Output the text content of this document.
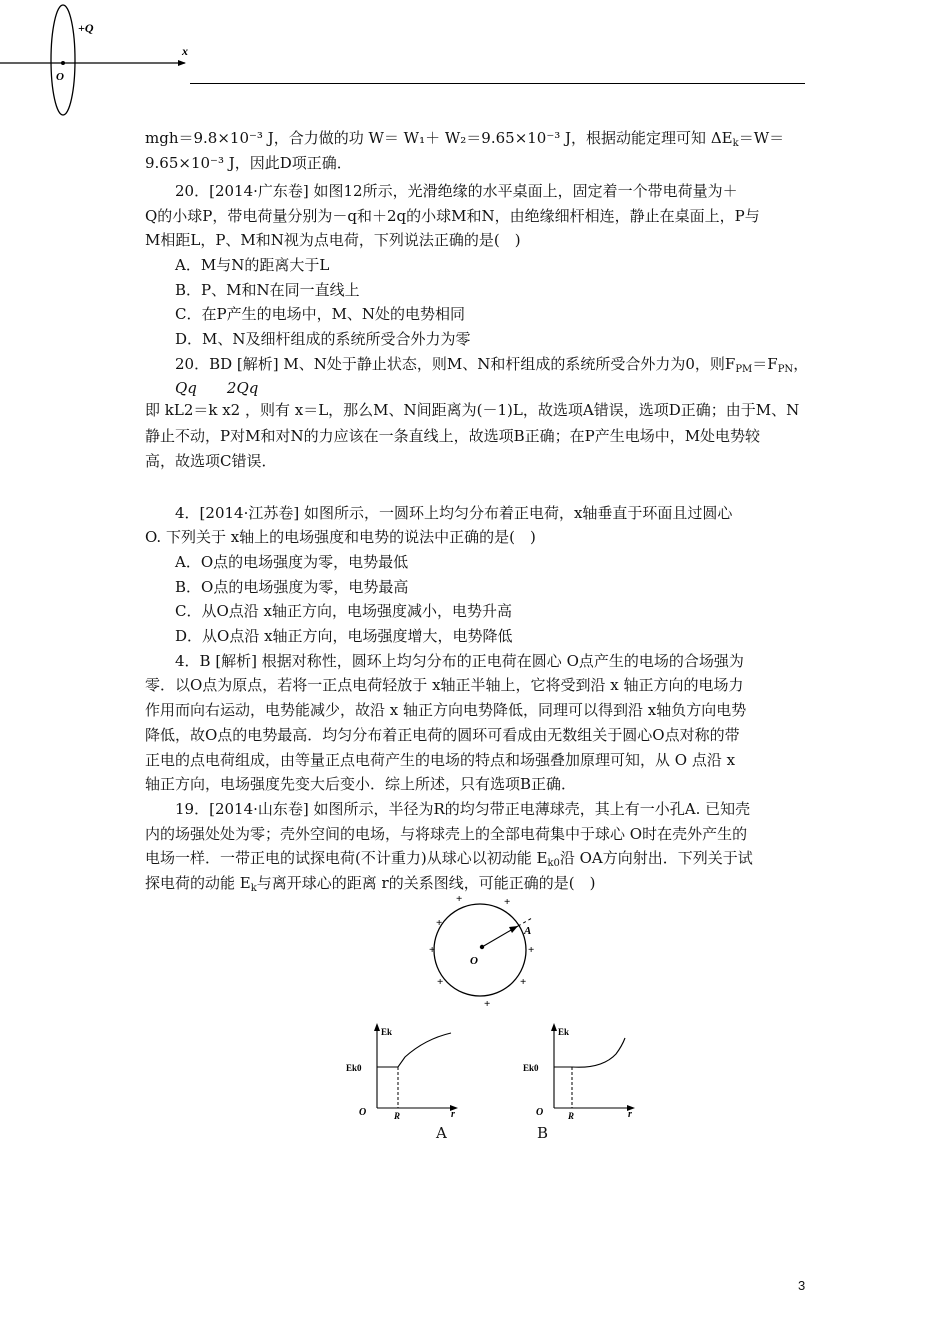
+Q
x
O
mgh＝9.8×10⁻³ J，合力做的功 W＝ W₁＋ W₂＝9.65×10⁻³ J，根据动能定理可知 $\Delta E_k=W=$
9.65×10⁻³ J，因此D项正确．
20．[2014·广东卷] 如图12所示，光滑绝缘的水平桌面上，固定着一个带电荷量为＋
Q的小球P，带电荷量分别为－q和＋2q的小球M和N，由绝缘细杆相连，静止在桌面上，P与
M相距L，P、M和N视为点电荷，下列说法正确的是(　)
A．M与N的距离大于L
B．P、M和N在同一直线上
C．在P产生的电场中，M、N处的电势相同
D．M、N及细杆组成的系统所受合外力为零
20．BD [解析] M、N处于静止状态，则M、N和杆组成的系统所受合外力为0，则$F_{PM}=F_{PN}$，
Qq　　2Qq
即 kL2＝k x2 ，则有 x＝L，那么M、N间距离为(－1)L，故选项A错误，选项D正确；由于M、N
静止不动，P对M和对N的力应该在一条直线上，故选项B正确；在P产生电场中，M处电势较
高，故选项C错误．
4．[2014·江苏卷] 如图所示，一圆环上均匀分布着正电荷，x轴垂直于环面且过圆心
O. 下列关于 x轴上的电场强度和电势的说法中正确的是(　)
A．O点的电场强度为零，电势最低
B．O点的电场强度为零，电势最高
C．从O点沿 x轴正方向，电场强度减小，电势升高
D．从O点沿 x轴正方向，电场强度增大，电势降低
4．B [解析] 根据对称性，圆环上均匀分布的正电荷在圆心 O点产生的电场的合场强为
零．以O点为原点，若将一正点电荷轻放于 x轴正半轴上，它将受到沿 x 轴正方向的电场力
作用而向右运动，电势能减少，故沿 x 轴正方向电势降低，同理可以得到沿 x轴负方向电势
降低，故O点的电势最高．均匀分布着正电荷的圆环可看成由无数组关于圆心O点对称的带
正电的点电荷组成，由等量正点电荷产生的电场的特点和场强叠加原理可知，从 O 点沿 x
轴正方向，电场强度先变大后变小．综上所述，只有选项B正确．
19．[2014·山东卷] 如图所示，半径为R的均匀带正电薄球壳，其上有一小孔A. 已知壳
内的场强处处为零；壳外空间的电场，与将球壳上的全部电荷集中于球心 O时在壳外产生的
电场一样．一带正电的试探电荷(不计重力)从球心以初动能 $E_{k0}$沿 OA方向射出．下列关于试
探电荷的动能 $E_k$与离开球心的距离 r的关系图线，可能正确的是(　)
O
A
+	+
+
+	+
+	+
+
Ek
Ek0
O	R	r
A
Ek
Ek0
O	R	r
B
3
